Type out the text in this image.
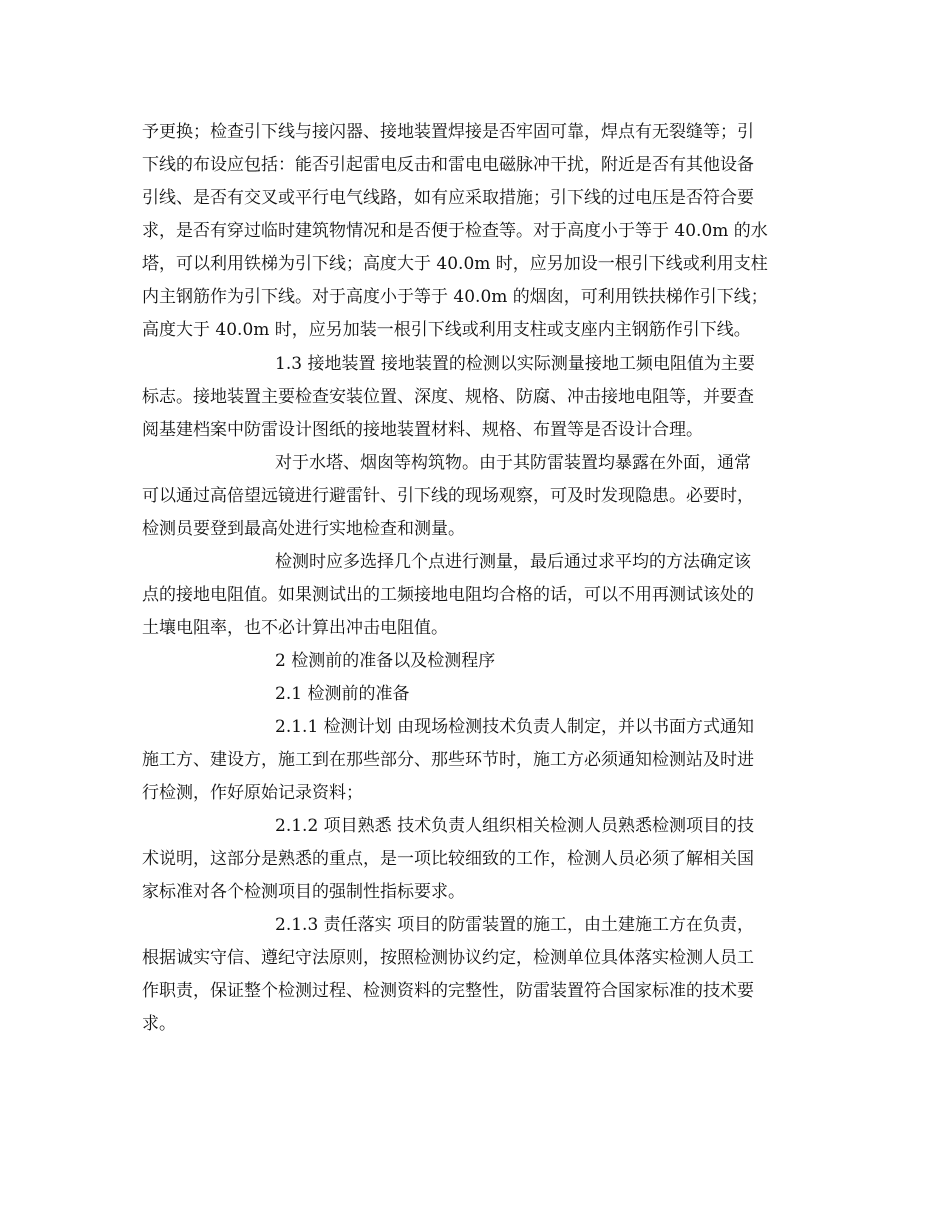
予更换；检查引下线与接闪器、接地装置焊接是否牢固可靠，焊点有无裂缝等；引

下线的布设应包括：能否引起雷电反击和雷电电磁脉冲干扰，附近是否有其他设备

引线、是否有交叉或平行电气线路，如有应采取措施；引下线的过电压是否符合要

求，是否有穿过临时建筑物情况和是否便于检查等。对于高度小于等于 40.0m 的水

塔，可以利用铁梯为引下线；高度大于 40.0m 时，应另加设一根引下线或利用支柱

内主钢筋作为引下线。对于高度小于等于 40.0m 的烟囱，可利用铁扶梯作引下线；

高度大于 40.0m 时，应另加装一根引下线或利用支柱或支座内主钢筋作引下线。

1.3 接地装置 接地装置的检测以实际测量接地工频电阻值为主要

标志。接地装置主要检查安装位置、深度、规格、防腐、冲击接地电阻等，并要查

阅基建档案中防雷设计图纸的接地装置材料、规格、布置等是否设计合理。

对于水塔、烟囱等构筑物。由于其防雷装置均暴露在外面，通常

可以通过高倍望远镜进行避雷针、引下线的现场观察，可及时发现隐患。必要时，

检测员要登到最高处进行实地检查和测量。

检测时应多选择几个点进行测量，最后通过求平均的方法确定该

点的接地电阻值。如果测试出的工频接地电阻均合格的话，可以不用再测试该处的

土壤电阻率，也不必计算出冲击电阻值。

2 检测前的准备以及检测程序

2.1 检测前的准备

2.1.1 检测计划 由现场检测技术负责人制定，并以书面方式通知

施工方、建设方，施工到在那些部分、那些环节时，施工方必须通知检测站及时进

行检测，作好原始记录资料；

2.1.2 项目熟悉 技术负责人组织相关检测人员熟悉检测项目的技

术说明，这部分是熟悉的重点，是一项比较细致的工作，检测人员必须了解相关国

家标准对各个检测项目的强制性指标要求。

2.1.3 责任落实 项目的防雷装置的施工，由土建施工方在负责，

根据诚实守信、遵纪守法原则，按照检测协议约定，检测单位具体落实检测人员工

作职责，保证整个检测过程、检测资料的完整性，防雷装置符合国家标准的技术要

求。
